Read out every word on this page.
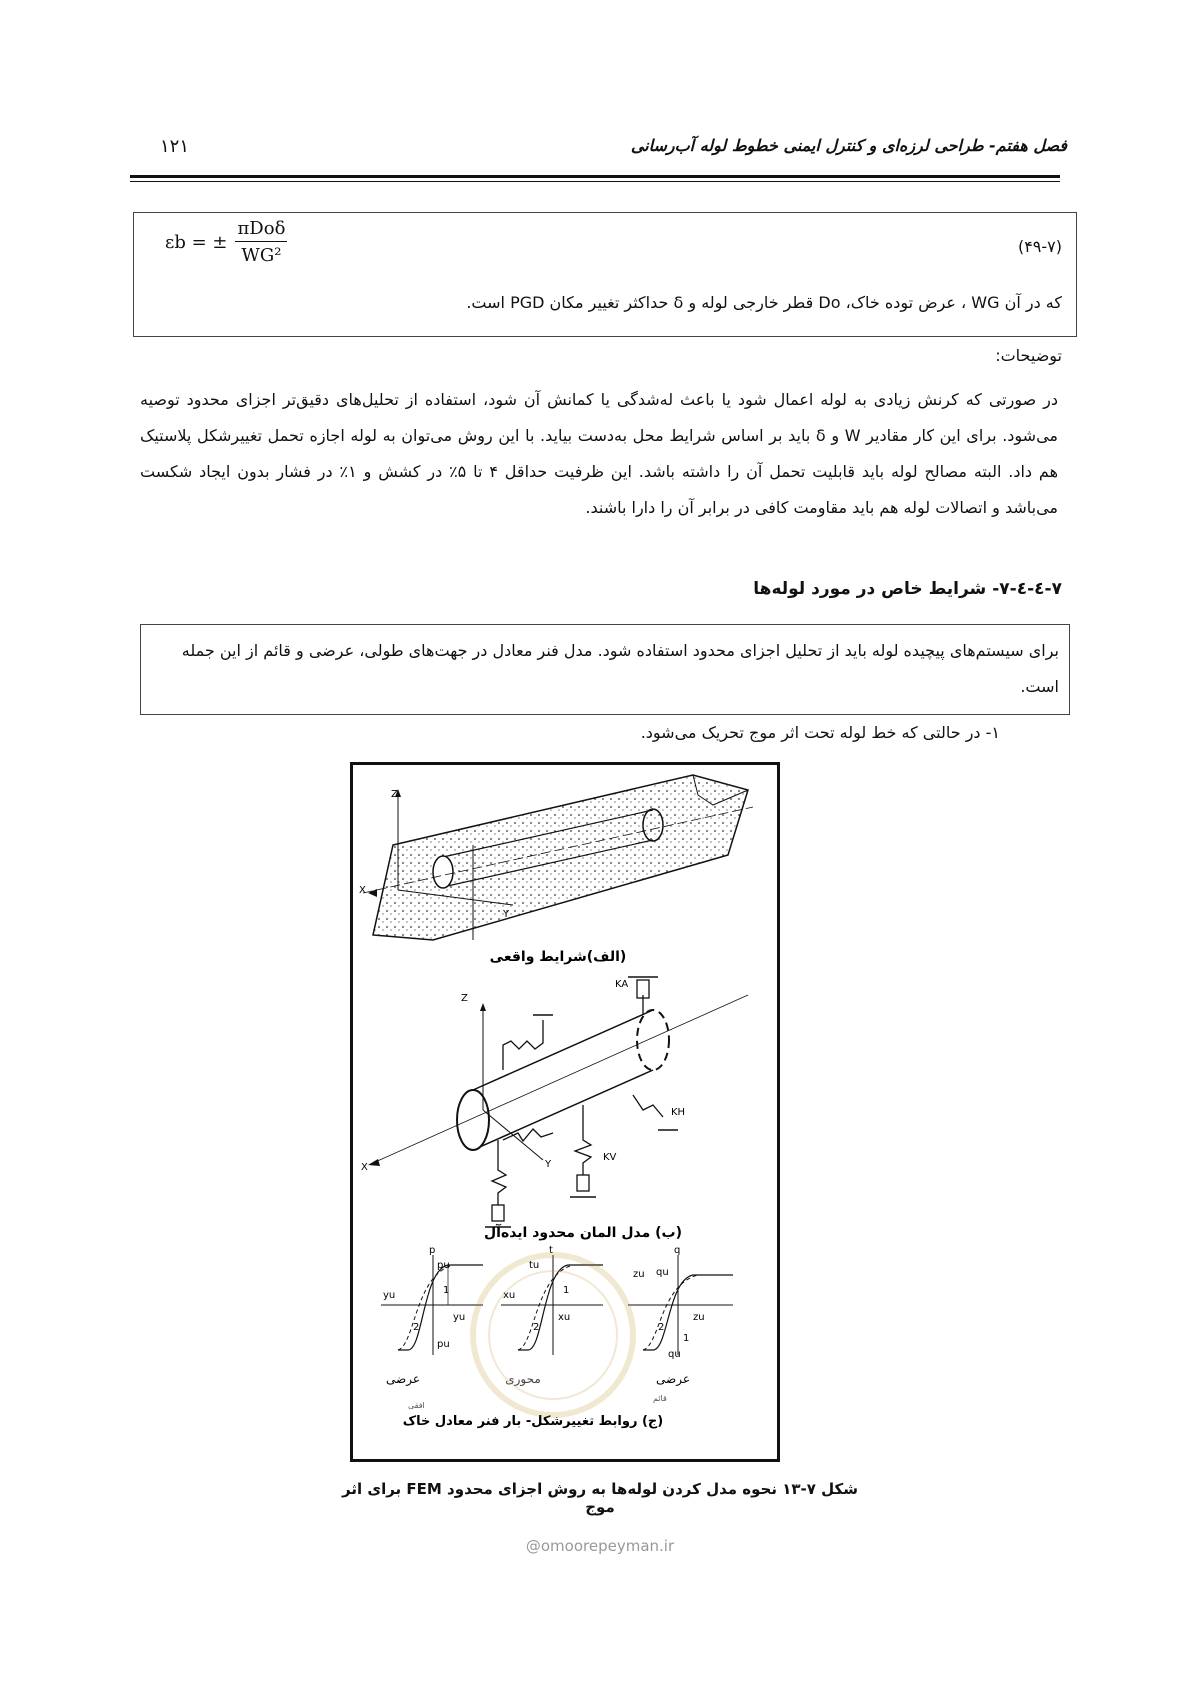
فصل هفتم- طراحی لرزه‌ای و کنترل ایمنی خطوط لوله آب‌رسانی
۱۲۱
εb = ± $\frac{\text{πDoδ}}{\text{WG²}}$	(۴۹-۷)
که در آن WG ، عرض توده خاک، Do قطر خارجی لوله و δ حداکثر تغییر مکان PGD است.
توضیحات:
در صورتی که کرنش زیادی به لوله اعمال شود یا باعث له‌شدگی یا کمانش آن شود، استفاده از تحلیل‌های دقیق‌تر اجزای محدود توصیه می‌شود. برای این کار مقادیر W و δ باید بر اساس شرایط محل به‌دست بیاید. با این روش می‌توان به لوله اجازه تحمل تغییرشکل پلاستیک هم داد. البته مصالح لوله باید قابلیت تحمل آن را داشته باشد. این ظرفیت حداقل ۴ تا ۵٪ در کشش و ۱٪ در فشار بدون ایجاد شکست می‌باشد و اتصالات لوله هم باید مقاومت کافی در برابر آن را دارا باشند.
۷-٤-٤-۷- شرایط خاص در مورد لوله‌ها
برای سیستم‌های پیچیده لوله باید از تحلیل اجزای محدود استفاده شود. مدل فنر معادل در جهت‌های طولی، عرضی و قائم از این جمله است.
۱- در حالتی که خط لوله تحت اثر موج تحریک می‌شود.
Z
X
Y
(الف)شرایط واقعی
Z
X	Y
KA
KH
KV
(ب) مدل المان محدود ایده‌آل
p
pu
pu
yu
yu
1
2
عرضی
t
tu
xu
xu
1
2
محوری
q
qu
qu
zu
zu
1
2
عرضی
قائم
افقی
(ج) روابط تغییرشکل- بار فنر معادل خاک
شکل ۷-۱۳ نحوه مدل کردن لوله‌ها به روش اجزای محدود FEM برای اثر موج
@omoorepeyman.ir
